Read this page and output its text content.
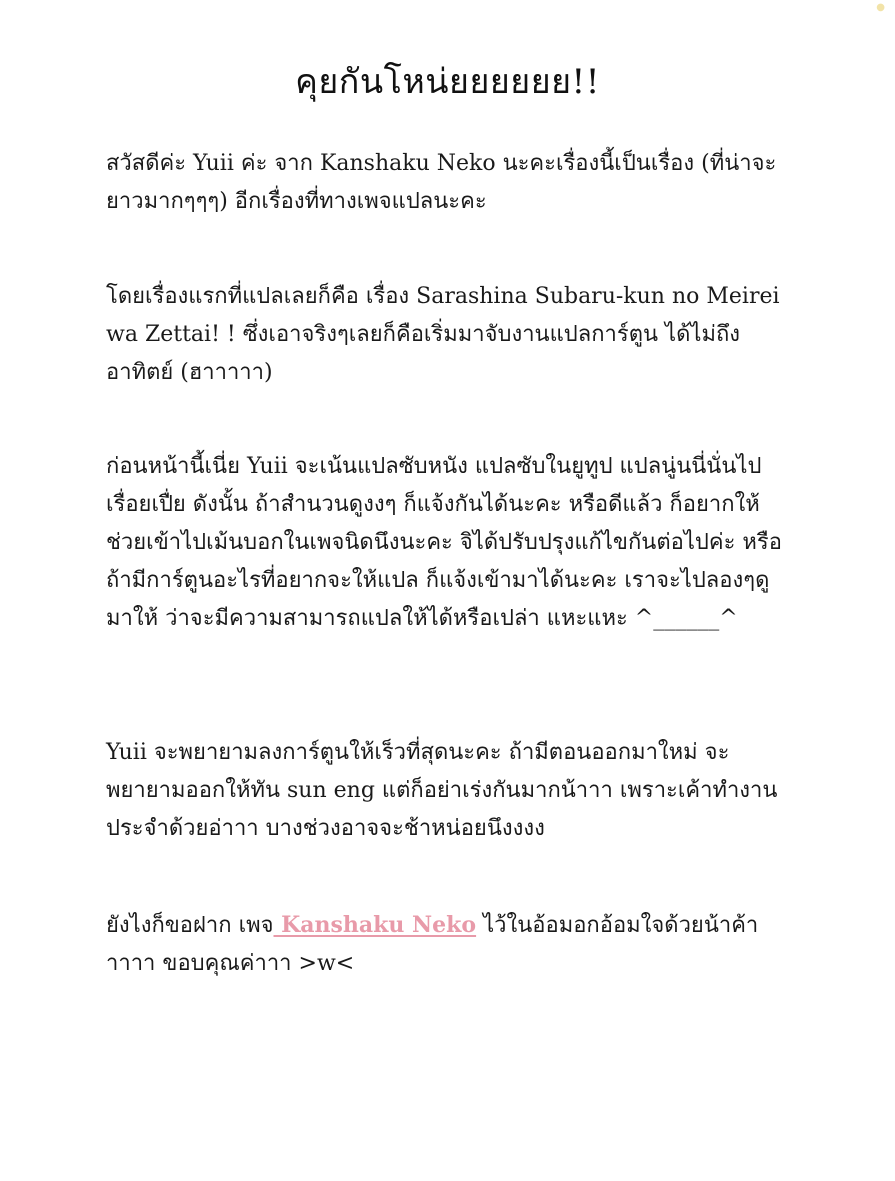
●
คุยกันโหน่ยยยยยย!!

สวัสดีค่ะ Yuii ค่ะ จาก Kanshaku Neko นะคะเรื่องนี้เป็นเรื่อง (ที่น่าจะยาวมากๆๆๆ) อีกเรื่องที่ทางเพจแปลนะคะ

โดยเรื่องแรกที่แปลเลยก็คือ เรื่อง Sarashina Subaru-kun no Meirei wa Zettai! ! ซึ่งเอาจริงๆเลยก็คือเริ่มมาจับงานแปลการ์ตูน ได้ไม่ถึงอาทิตย์ (ฮาาาาา)

ก่อนหน้านี้เนี่ย Yuii จะเน้นแปลซับหนัง แปลซับในยูทูป แปลนู่นนี่นั่นไปเรื่อยเปื่ย ดังนั้น ถ้าสำนวนดูงงๆ ก็แจ้งกันได้นะคะ หรือดีแล้ว ก็อยากให้ช่วยเข้าไปเม้นบอกในเพจนิดนึงนะคะ จิได้ปรับปรุงแก้ไขกันต่อไปค่ะ หรือถ้ามีการ์ตูนอะไรที่อยากจะให้แปล ก็แจ้งเข้ามาได้นะคะ เราจะไปลองๆดูมาให้ ว่าจะมีความสามารถแปลให้ได้หรือเปล่า แหะแหะ ^______^

Yuii จะพยายามลงการ์ตูนให้เร็วที่สุดนะคะ ถ้ามีตอนออกมาใหม่ จะพยายามออกให้ทัน sun eng แต่ก็อย่าเร่งกันมากน้าาา เพราะเค้าทำงานประจำด้วยอ่าาา บางช่วงอาจจะช้าหน่อยนึงงงง

ยังไงก็ขอฝาก เพจ Kanshaku Neko ไว้ในอ้อมอกอ้อมใจด้วยน้าค้าาาาา ขอบคุณค่าาา >w<
